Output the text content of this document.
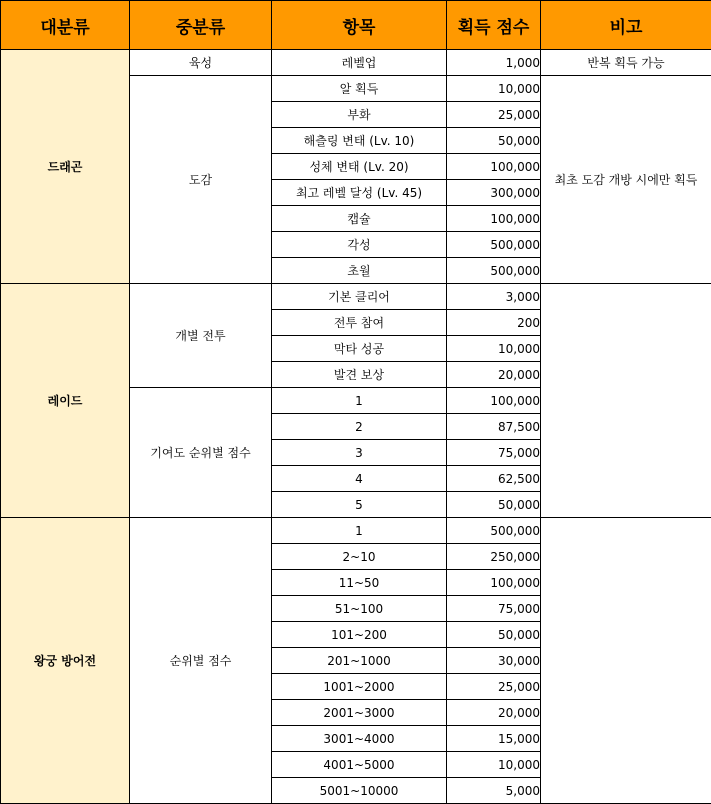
대분류	중분류	항목	획득 점수	비고
드래곤	육성	레벨업	1,000	반복 획득 가능
	도감	알 획득	10,000	최초 도감 개방 시에만 획득
		부화	25,000	
		해츨링 변태 (Lv. 10)	50,000	
		성체 변태 (Lv. 20)	100,000	
		최고 레벨 달성 (Lv. 45)	300,000	
		캡슐	100,000	
		각성	500,000	
		초월	500,000	
레이드	개별 전투	기본 클리어	3,000	
		전투 참여	200	
		막타 성공	10,000	
		발견 보상	20,000	
	기여도 순위별 점수	1	100,000	
		2	87,500	
		3	75,000	
		4	62,500	
		5	50,000	
왕궁 방어전	순위별 점수	1	500,000	
		2~10	250,000	
		11~50	100,000	
		51~100	75,000	
		101~200	50,000	
		201~1000	30,000	
		1001~2000	25,000	
		2001~3000	20,000	
		3001~4000	15,000	
		4001~5000	10,000	
		5001~10000	5,000	
